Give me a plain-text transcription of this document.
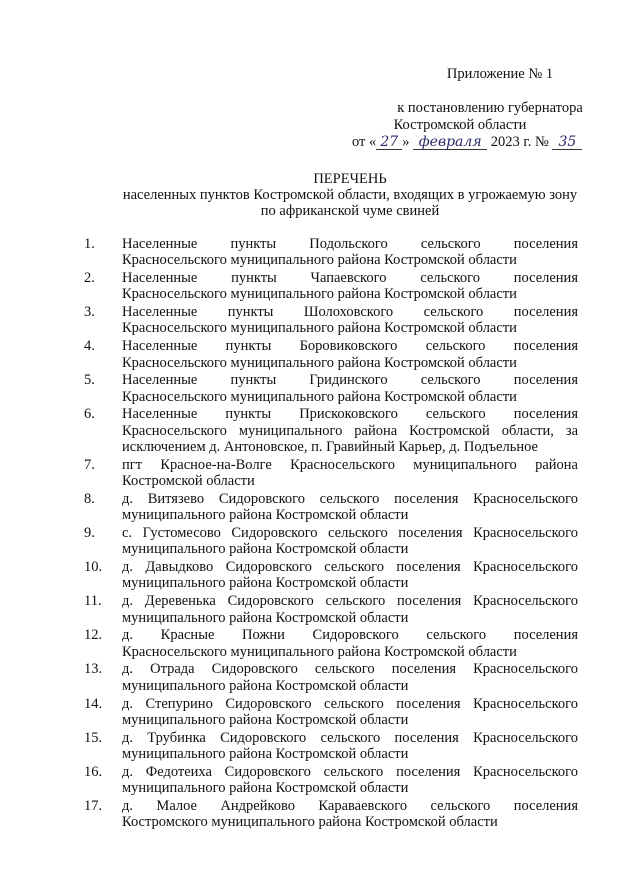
Приложение № 1
к постановлению губернатора
Костромской области
от « 27 » февраля 2023 г. № 35
ПЕРЕЧЕНЬ
населенных пунктов Костромской области, входящих в угрожаемую зону
по африканской чуме свиней
1. Населенные пункты Подольского сельского поселения
Красносельского муниципального района Костромской области
2. Населенные пункты Чапаевского сельского поселения
Красносельского муниципального района Костромской области
3. Населенные пункты Шолоховского сельского поселения
Красносельского муниципального района Костромской области
4. Населенные пункты Боровиковского сельского поселения
Красносельского муниципального района Костромской области
5. Населенные пункты Гридинского сельского поселения
Красносельского муниципального района Костромской области
6. Населенные пункты Прискоковского сельского поселения
Красносельского муниципального района Костромской области, за исключением д. Антоновское, п. Гравийный Карьер, д. Подъельное
7. пгт Красное-на-Волге Красносельского муниципального района
Костромской области
8. д. Витязево Сидоровского сельского поселения Красносельского
муниципального района Костромской области
9. с. Густомесово Сидоровского сельского поселения Красносельского
муниципального района Костромской области
10. д. Давыдково Сидоровского сельского поселения Красносельского
муниципального района Костромской области
11. д. Деревенька Сидоровского сельского поселения Красносельского
муниципального района Костромской области
12. д. Красные Пожни Сидоровского сельского поселения
Красносельского муниципального района Костромской области
13. д. Отрада Сидоровского сельского поселения Красносельского
муниципального района Костромской области
14. д. Степурино Сидоровского сельского поселения Красносельского
муниципального района Костромской области
15. д. Трубинка Сидоровского сельского поселения Красносельского
муниципального района Костромской области
16. д. Федотеиха Сидоровского сельского поселения Красносельского
муниципального района Костромской области
17. д. Малое Андрейково Караваевского сельского поселения
Костромского муниципального района Костромской области
